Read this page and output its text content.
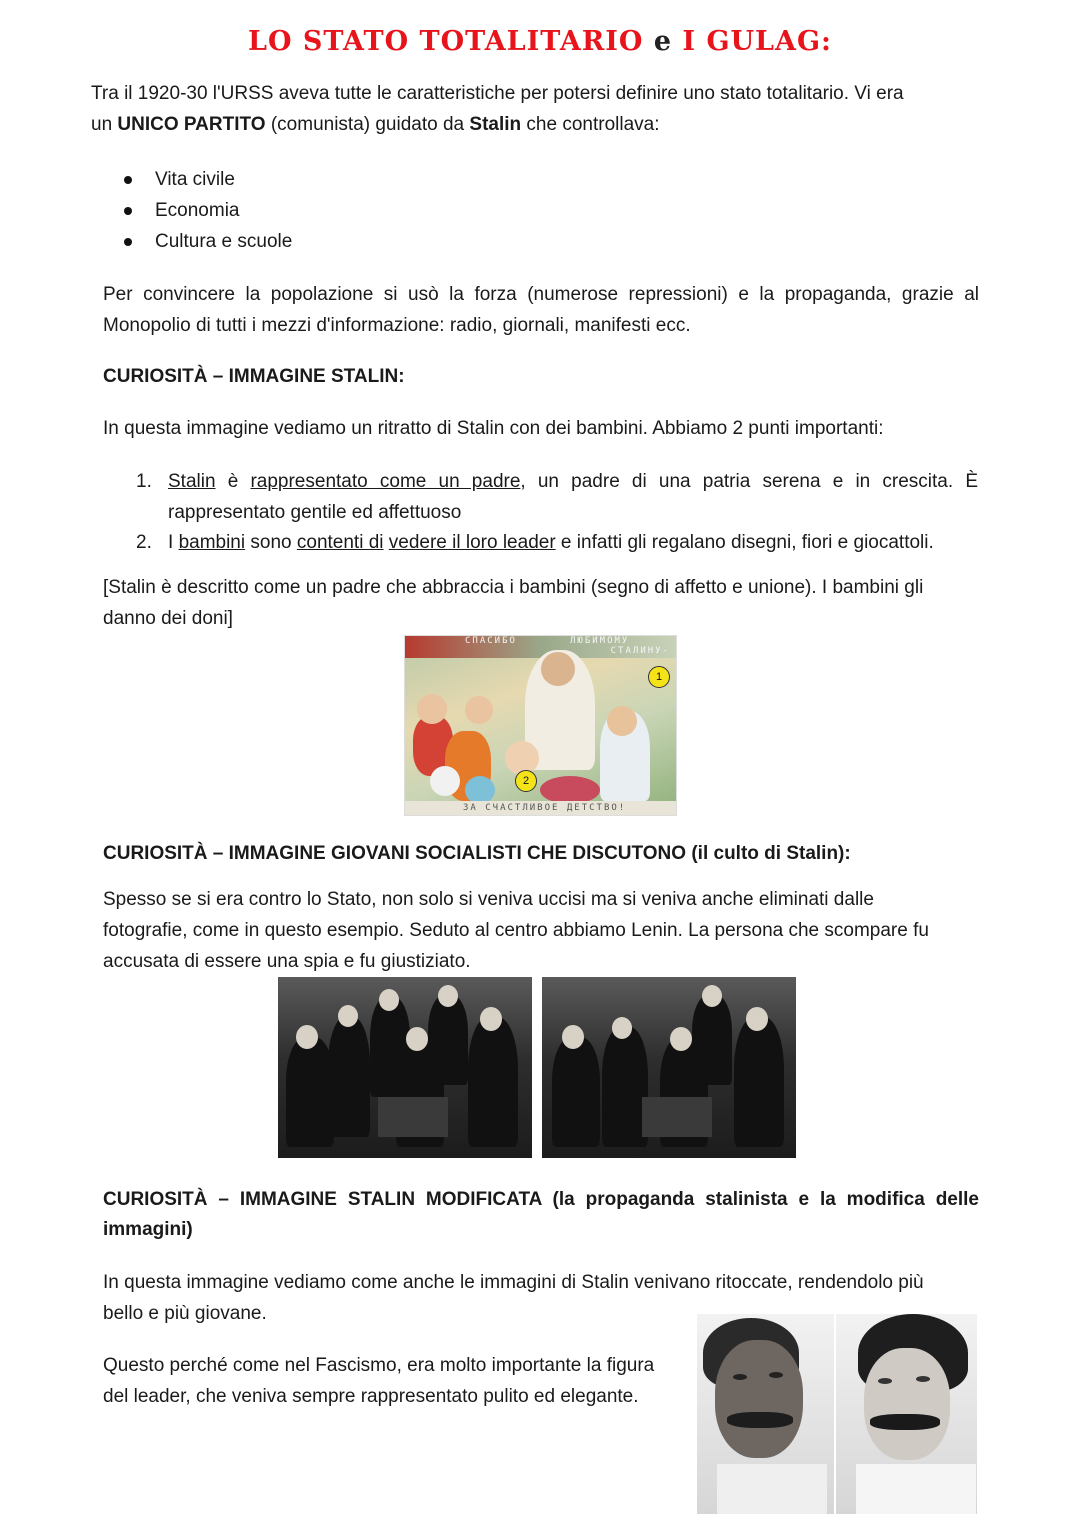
LO STATO TOTALITARIO e I GULAG:
Tra il 1920-30 l'URSS aveva tutte le caratteristiche per potersi definire uno stato totalitario. Vi era
un UNICO PARTITO (comunista) guidato da Stalin che controllava:
Vita civile
Economia
Cultura e scuole
Per convincere la popolazione si usò la forza (numerose repressioni) e la propaganda, grazie al
Monopolio di tutti i mezzi d'informazione: radio, giornali, manifesti ecc.
CURIOSITÀ – IMMAGINE STALIN:
In questa immagine vediamo un ritratto di Stalin con dei bambini. Abbiamo 2 punti importanti:
1. Stalin è rappresentato come un padre, un padre di una patria serena e in crescita. È
rappresentato gentile ed affettuoso
2. I bambini sono contenti di vedere il loro leader e infatti gli regalano disegni, fiori e giocattoli.
[Stalin è descritto come un padre che abbraccia i bambini (segno di affetto e unione). I bambini gli
danno dei doni]
СПАСИБО	ЛЮБИМОМУ
СТАЛИНУ-
ЗА СЧАСТЛИВОЕ ДЕТСТВО!
1
2
CURIOSITÀ – IMMAGINE GIOVANI SOCIALISTI CHE DISCUTONO (il culto di Stalin):
Spesso se si era contro lo Stato, non solo si veniva uccisi ma si veniva anche eliminati dalle
fotografie, come in questo esempio. Seduto al centro abbiamo Lenin. La persona che scompare fu
accusata di essere una spia e fu giustiziato.
CURIOSITÀ – IMMAGINE STALIN MODIFICATA (la propaganda stalinista e la modifica delle
immagini)
In questa immagine vediamo come anche le immagini di Stalin venivano ritoccate, rendendolo più
bello e più giovane.
Questo perché come nel Fascismo, era molto importante la figura
del leader, che veniva sempre rappresentato pulito ed elegante.
